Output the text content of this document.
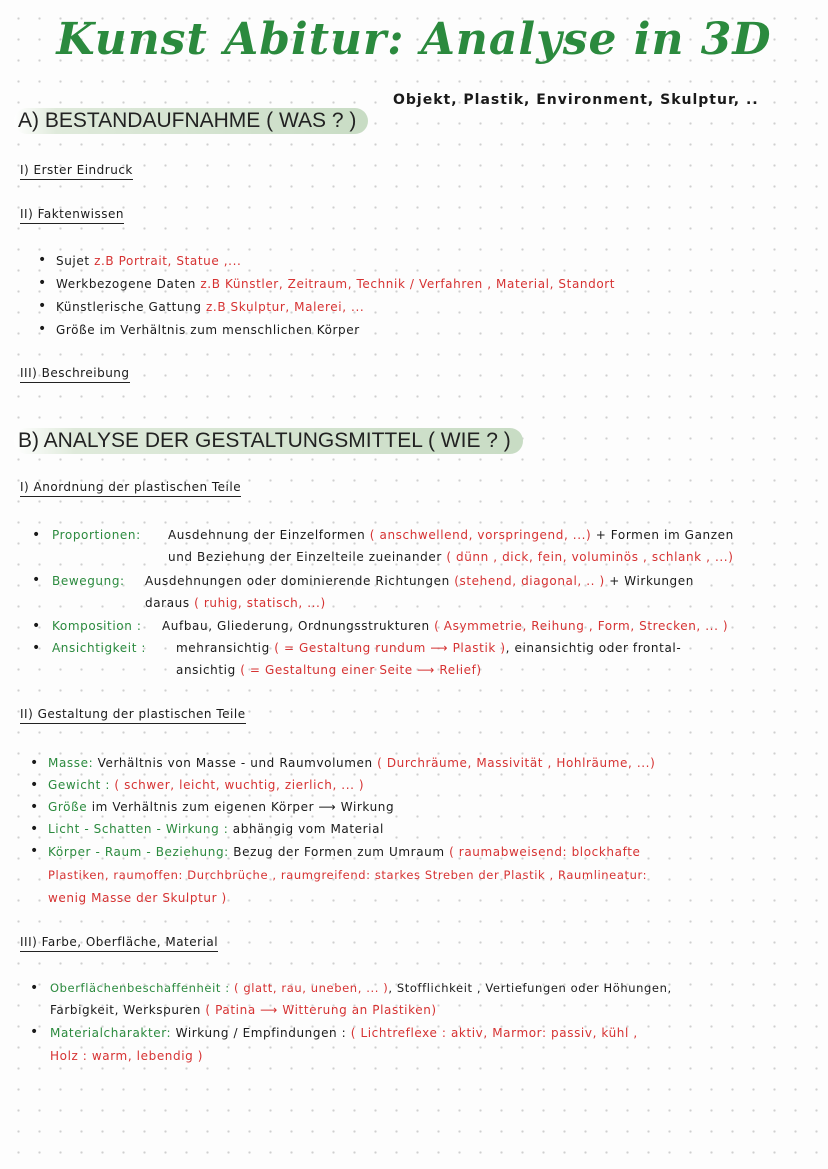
Kunst Abitur: Analyse in 3D
Objekt, Plastik, Environment, Skulptur, ..
A) BESTANDAUFNAHME ( WAS ? )
I) Erster Eindruck
II) Faktenwissen
• Sujet z.B Portrait, Statue ,...
• Werkbezogene Daten z.B Künstler, Zeitraum, Technik / Verfahren , Material, Standort
• Künstlerische Gattung z.B Skulptur, Malerei, ...
• Größe im Verhältnis zum menschlichen Körper
III) Beschreibung
B) ANALYSE DER GESTALTUNGSMITTEL ( WIE ? )
I) Anordnung der plastischen Teile
• Proportionen: Ausdehnung der Einzelformen ( anschwellend, vorspringend, ...) + Formen im Ganzen
und Beziehung der Einzelteile zueinander ( dünn , dick, fein, voluminös , schlank , ...)
• Bewegung: Ausdehnungen oder dominierende Richtungen (stehend, diagonal, .. ) + Wirkungen
daraus ( ruhig, statisch, ...)
• Komposition : Aufbau, Gliederung, Ordnungsstrukturen ( Asymmetrie, Reihung , Form, Strecken, ... )
• Ansichtigkeit : mehransichtig ( = Gestaltung rundum ⟶ Plastik ), einansichtig oder frontal-
ansichtig ( = Gestaltung einer Seite ⟶ Relief)
II) Gestaltung der plastischen Teile
• Masse: Verhältnis von Masse - und Raumvolumen ( Durchräume, Massivität , Hohlräume, ...)
• Gewicht : ( schwer, leicht, wuchtig, zierlich, ... )
• Größe im Verhältnis zum eigenen Körper ⟶ Wirkung
• Licht - Schatten - Wirkung : abhängig vom Material
• Körper - Raum - Beziehung: Bezug der Formen zum Umraum ( raumabweisend: blockhafte
Plastiken, raumoffen: Durchbrüche , raumgreifend: starkes Streben der Plastik , Raumlineatur:
wenig Masse der Skulptur )
III) Farbe, Oberfläche, Material
• Oberflächenbeschaffenheit : ( glatt, rau, uneben, ... ), Stofflichkeit , Vertiefungen oder Höhungen,
Farbigkeit, Werkspuren ( Patina ⟶ Witterung an Plastiken)
• Materialcharakter: Wirkung / Empfindungen : ( Lichtreflexe : aktiv, Marmor: passiv, kühl ,
Holz : warm, lebendig )
